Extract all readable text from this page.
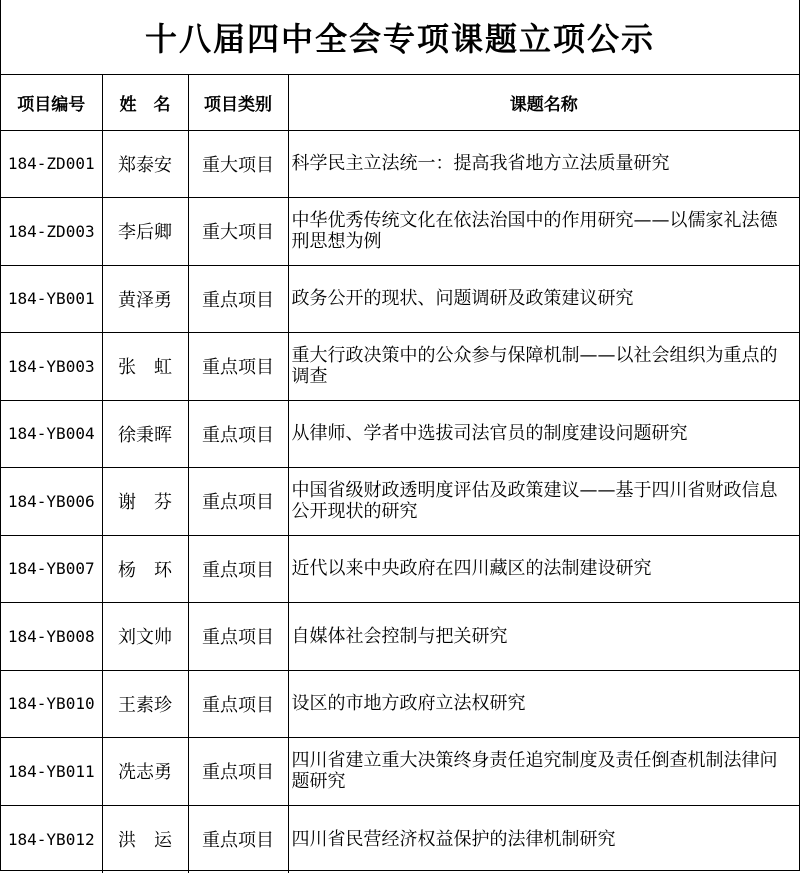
十八届四中全会专项课题立项公示
项目编号	姓　名	项目类别	课题名称
184-ZD001	郑泰安	重大项目	科学民主立法统一：提高我省地方立法质量研究
184-ZD003	李后卿	重大项目	中华优秀传统文化在依法治国中的作用研究——以儒家礼法德刑思想为例
184-YB001	黄泽勇	重点项目	政务公开的现状、问题调研及政策建议研究
184-YB003	张　虹	重点项目	重大行政决策中的公众参与保障机制——以社会组织为重点的调查
184-YB004	徐秉晖	重点项目	从律师、学者中选拔司法官员的制度建设问题研究
184-YB006	谢　芬	重点项目	中国省级财政透明度评估及政策建议——基于四川省财政信息公开现状的研究
184-YB007	杨　环	重点项目	近代以来中央政府在四川藏区的法制建设研究
184-YB008	刘文帅	重点项目	自媒体社会控制与把关研究
184-YB010	王素珍	重点项目	设区的市地方政府立法权研究
184-YB011	冼志勇	重点项目	四川省建立重大决策终身责任追究制度及责任倒查机制法律问题研究
184-YB012	洪　运	重点项目	四川省民营经济权益保护的法律机制研究
